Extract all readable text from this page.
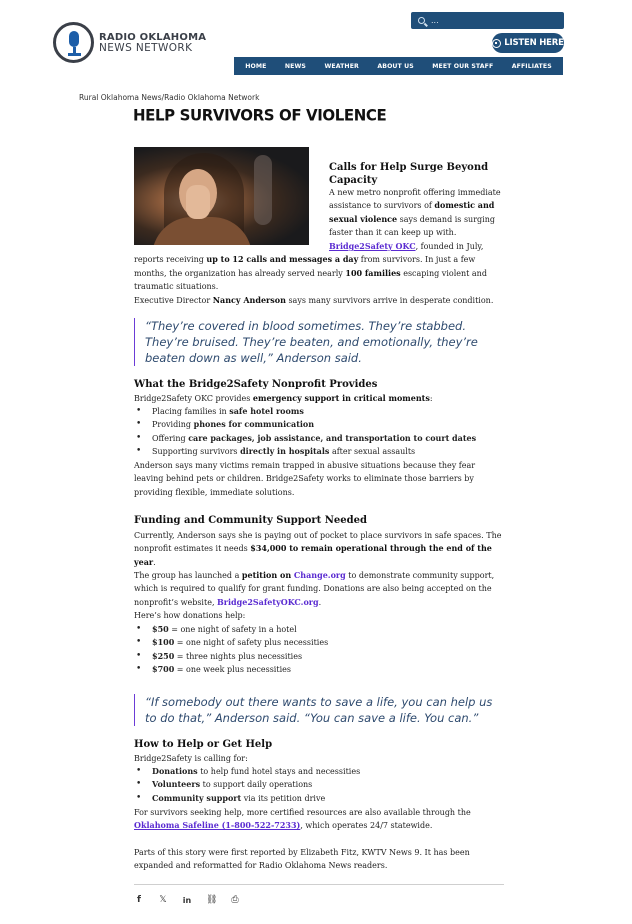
RADIO OKLAHOMA
NEWS NETWORK
...	LISTEN HERE
HOME	NEWS	WEATHER	ABOUT US	MEET OUR STAFF	AFFILIATES
Rural Oklahoma News/Radio Oklahoma Network
HELP SURVIVORS OF VIOLENCE
Calls for Help Surge Beyond Capacity
A new metro nonprofit offering immediate assistance to survivors of domestic and sexual violence says demand is surging faster than it can keep up with.
Bridge2Safety OKC, founded in July, reports receiving up to 12 calls and messages a day from survivors. In just a few months, the organization has already served nearly 100 families escaping violent and traumatic situations.
Executive Director Nancy Anderson says many survivors arrive in desperate condition.
“They’re covered in blood sometimes. They’re stabbed. They’re bruised. They’re beaten, and emotionally, they’re beaten down as well,” Anderson said.
What the Bridge2Safety Nonprofit Provides
Bridge2Safety OKC provides emergency support in critical moments:
• Placing families in safe hotel rooms
• Providing phones for communication
• Offering care packages, job assistance, and transportation to court dates
• Supporting survivors directly in hospitals after sexual assaults
Anderson says many victims remain trapped in abusive situations because they fear leaving behind pets or children. Bridge2Safety works to eliminate those barriers by providing flexible, immediate solutions.
Funding and Community Support Needed
Currently, Anderson says she is paying out of pocket to place survivors in safe spaces. The nonprofit estimates it needs $34,000 to remain operational through the end of the year.
The group has launched a petition on Change.org to demonstrate community support, which is required to qualify for grant funding. Donations are also being accepted on the nonprofit’s website, Bridge2SafetyOKC.org.
Here’s how donations help:
• $50 = one night of safety in a hotel
• $100 = one night of safety plus necessities
• $250 = three nights plus necessities
• $700 = one week plus necessities
“If somebody out there wants to save a life, you can help us to do that,” Anderson said. “You can save a life. You can.”
How to Help or Get Help
Bridge2Safety is calling for:
• Donations to help fund hotel stays and necessities
• Volunteers to support daily operations
• Community support via its petition drive
For survivors seeking help, more certified resources are also available through the
Oklahoma Safeline (1-800-522-7233), which operates 24/7 statewide.
Parts of this story were first reported by Elizabeth Fitz, KWTV News 9. It has been expanded and reformatted for Radio Oklahoma News readers.
f	𝕏 in ⛓ ⎙
